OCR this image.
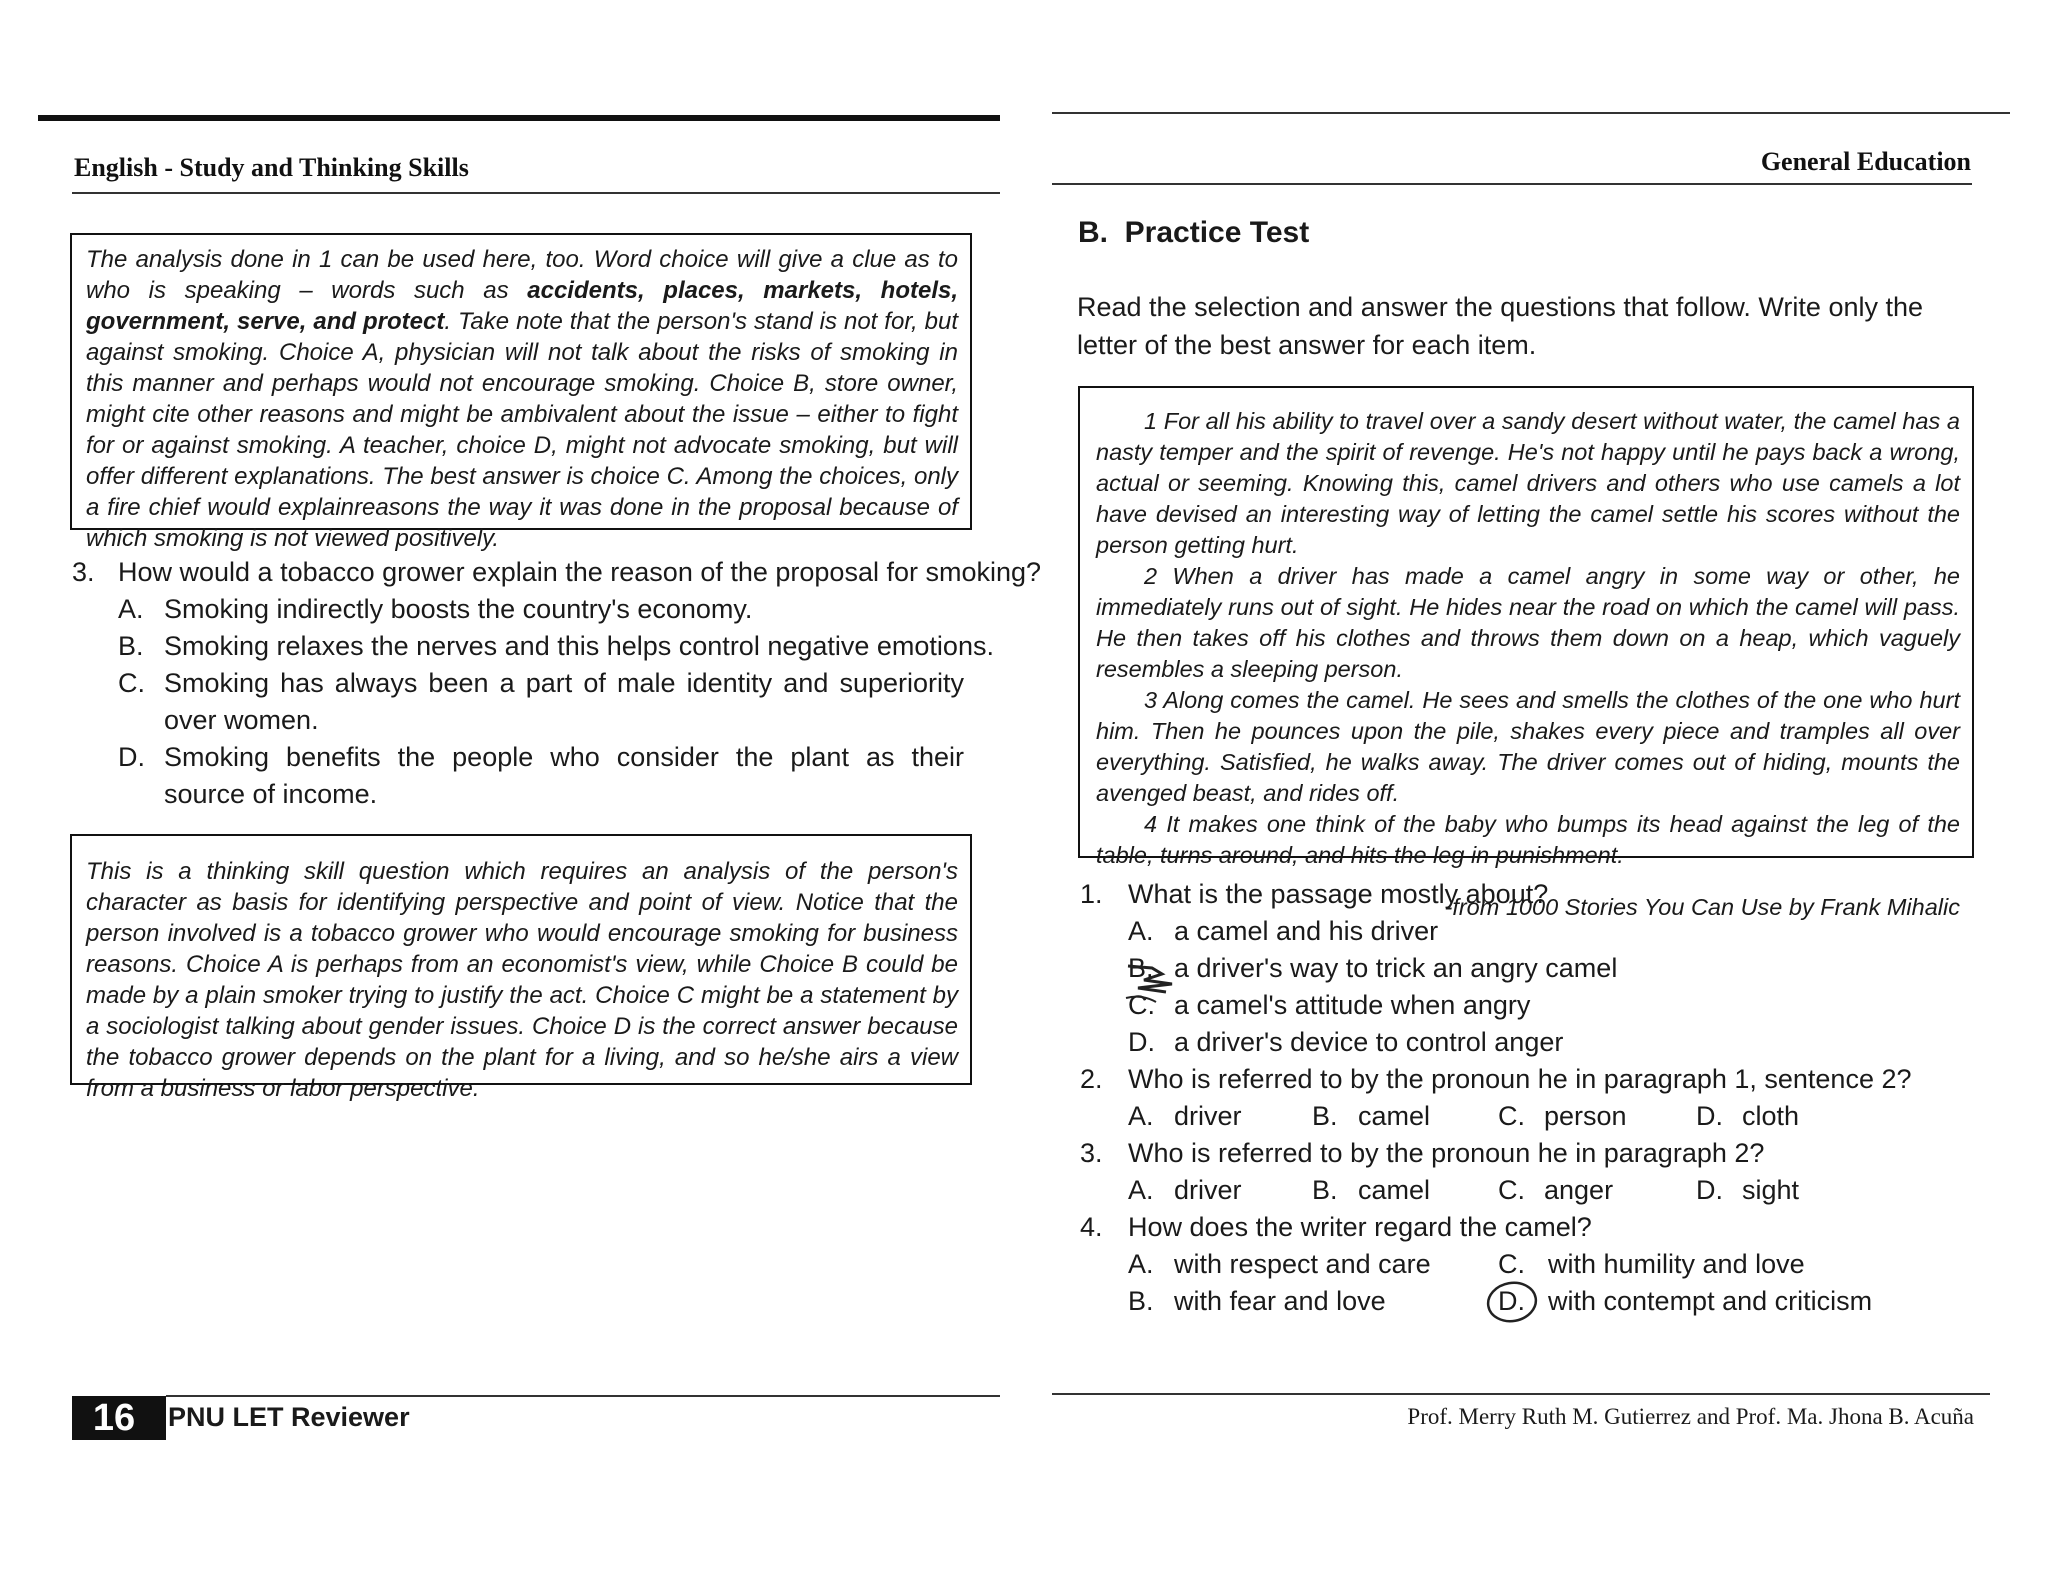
English - Study and Thinking Skills

The analysis done in 1 can be used here, too. Word choice will give a clue as to who is speaking – words such as accidents, places, markets, hotels, government, serve, and protect. Take note that the person's stand is not for, but against smoking. Choice A, physician will not talk about the risks of smoking in this manner and perhaps would not encourage smoking. Choice B, store owner, might cite other reasons and might be ambivalent about the issue – either to fight for or against smoking. A teacher, choice D, might not advocate smoking, but will offer different explanations. The best answer is choice C. Among the choices, only a fire chief would explainreasons the way it was done in the proposal because of which smoking is not viewed positively.

3. How would a tobacco grower explain the reason of the proposal for smoking?
A. Smoking indirectly boosts the country's economy.
B. Smoking relaxes the nerves and this helps control negative emotions.
C. Smoking has always been a part of male identity and superiority over women.
D. Smoking benefits the people who consider the plant as their source of income.

This is a thinking skill question which requires an analysis of the person's character as basis for identifying perspective and point of view. Notice that the person involved is a tobacco grower who would encourage smoking for business reasons. Choice A is perhaps from an economist's view, while Choice B could be made by a plain smoker trying to justify the act. Choice C might be a statement by a sociologist talking about gender issues. Choice D is the correct answer because the tobacco grower depends on the plant for a living, and so he/she airs a view from a business or labor perspective.

16	PNU LET Reviewer
General Education
B.  Practice Test
Read the selection and answer the questions that follow. Write only the letter of the best answer for each item.

1 For all his ability to travel over a sandy desert without water, the camel has a nasty temper and the spirit of revenge. He's not happy until he pays back a wrong, actual or seeming. Knowing this, camel drivers and others who use camels a lot have devised an interesting way of letting the camel settle his scores without the person getting hurt.

2 When a driver has made a camel angry in some way or other, he immediately runs out of sight. He hides near the road on which the camel will pass. He then takes off his clothes and throws them down on a heap, which vaguely resembles a sleeping person.

3 Along comes the camel. He sees and smells the clothes of the one who hurt him. Then he pounces upon the pile, shakes every piece and tramples all over everything. Satisfied, he walks away. The driver comes out of hiding, mounts the avenged beast, and rides off.

4 It makes one think of the baby who bumps its head against the leg of the table, turns around, and hits the leg in punishment.

-from 1000 Stories You Can Use by Frank Mihalic
1. What is the passage mostly about?
A. a camel and his driver
B. a driver's way to trick an angry camel
C. a camel's attitude when angry
D. a driver's device to control anger
2. Who is referred to by the pronoun he in paragraph 1, sentence 2?
A. driver	B. camel	C. person	D. cloth
3. Who is referred to by the pronoun he in paragraph 2?
A. driver	B. camel	C. anger	D. sight
4. How does the writer regard the camel?
A. with respect and care
B. with fear and love
C. with humility and love
D. with contempt and criticism
Prof. Merry Ruth M. Gutierrez and Prof. Ma. Jhona B. Acuña
